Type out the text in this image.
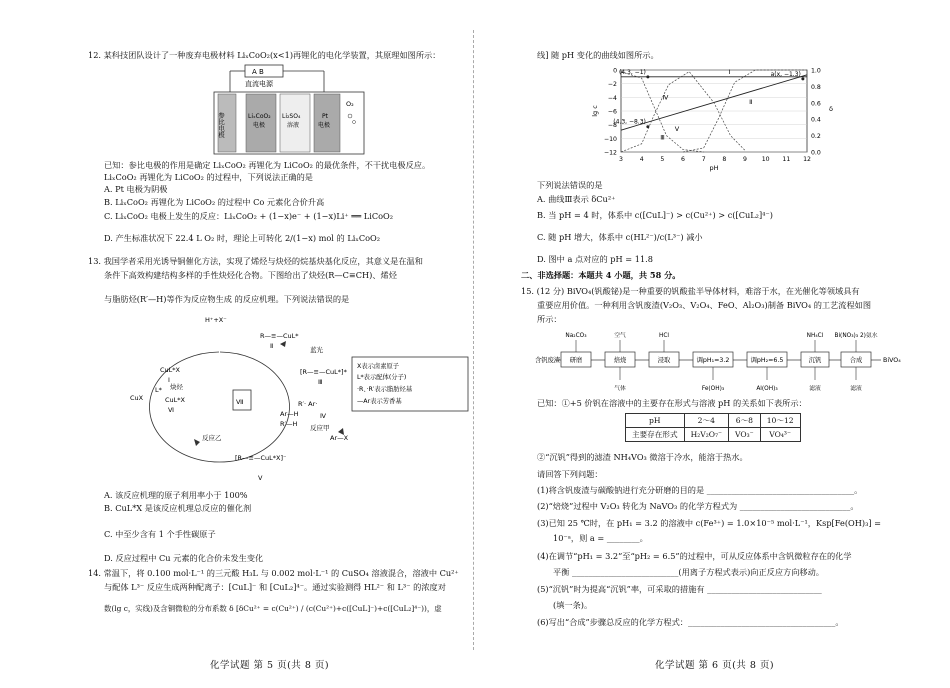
12. 某科技团队设计了一种废弃电极材料 LiₓCoO₂(x<1)再锂化的电化学装置，其原理如图所示：
A B
直流电源
参比电极	LiₓCoO₂
电极
Li₂SO₄
溶液
Pt
电极
O₂
已知：参比电极的作用是确定 LiₓCoO₂ 再锂化为 LiCoO₂ 的最优条件，不干扰电极反应。
LiₓCoO₂ 再锂化为 LiCoO₂ 的过程中，下列说法正确的是
A. Pt 电极为阴极
B. LiₓCoO₂ 再锂化为 LiCoO₂ 的过程中 Co 元素化合价升高
C. LiₓCoO₂ 电极上发生的反应：LiₓCoO₂ + (1−x)e⁻ + (1−x)Li⁺ ══ LiCoO₂
D. 产生标准状况下 22.4 L O₂ 时，理论上可转化 2/(1−x) mol 的 LiₓCoO₂
13. 我国学者采用光诱导铜催化方法，实现了烯烃与炔烃的烷基炔基化反应，其意义是在温和
条件下高效构建结构多样的手性炔烃化合物。下图给出了炔烃(R—C≡CH)、烯烃
与脂肪烃(R′—H)等作为反应物生成 的反应机理。下列说法错误的是
H⁺+X⁻
R—≡—CuL*
Ⅱ	蓝光
[R—≡—CuL*]*
Ⅲ
CuL*X
Ⅰ
炔烃
CuX
L*
CuL*X
Ⅵ
Ⅶ	R′· Ar·
Ar—H	Ⅳ
R′—H 反应甲
Ar—X
反应乙
[R—≡—CuL*X]⁻
Ⅴ
X表示卤素原子
L*表示配体(分子)
·R、·R′表示脂肪烃基
—Ar表示芳香基
A. 该反应机理的原子利用率小于 100%
B. CuL*X 是该反应机理总反应的催化剂
C. 中至少含有 1 个手性碳原子
D. 反应过程中 Cu 元素的化合价未发生变化
14. 常温下，将 0.100 mol·L⁻¹ 的三元酸 H₃L 与 0.002 mol·L⁻¹ 的 CuSO₄ 溶液混合，溶液中 Cu²⁺
与配体 L³⁻ 反应生成两种配离子：[CuL]⁻ 和 [CuL₂]⁴⁻。通过实验测得 HL²⁻ 和 L³⁻ 的浓度对
数(lg c，实线)及含铜微粒的分布系数 δ [δCu²⁺ = c(Cu²⁺) / (c(Cu²⁺)+c([CuL]⁻)+c([CuL₂]⁴⁻))，虚
化学试题 第 5 页(共 8 页)
线] 随 pH 变化的曲线如图所示。
0
−2
−4
−6
−8
−10
−12
1.0
0.8
0.6
0.4
0.2
0.0
3	4	5	6	7	8	9 10 11 12
pH
lg c	δ
(4.3, −1)
(4.3, −8.3)
a(x, −1.3)
Ⅰ
Ⅱ
Ⅲ
Ⅳ
Ⅴ
下列说法错误的是
A. 曲线Ⅲ表示 δCu²⁺
B. 当 pH = 4 时，体系中 c([CuL]⁻) > c(Cu²⁺) > c([CuL₂]⁴⁻)
C. 随 pH 增大，体系中 c(HL²⁻)/c(L³⁻) 减小
D. 图中 a 点对应的 pH = 11.8
二、非选择题：本题共 4 小题，共 58 分。
15. (12 分) BiVO₄(钒酸铋)是一种重要的钒酸盐半导体材料，难溶于水，在光催化等领域具有
重要应用价值。一种利用含钒废渣(V₂O₃、V₂O₄、FeO、Al₂O₃)制备 BiVO₄ 的工艺流程如图
所示：
含钒废渣 研磨	焙烧	浸取	调pH₁=3.2	调pH₂=6.5	沉钒	合成	BiVO₄
Na₂CO₃	空气	HCl	NH₄Cl Bi(NO₃)₃ 2)氨水
气体	Fe(OH)₃	Al(OH)₃	滤液	滤液
已知：①+5 价钒在溶液中的主要存在形式与溶液 pH 的关系如下表所示：
pH	2～4	6～8	10～12
主要存在形式	H₂V₂O₇⁻	VO₃⁻	VO₄³⁻
②“沉钒”得到的滤渣 NH₄VO₃ 微溶于冷水，能溶于热水。
请回答下列问题：
(1)将含钒废渣与碳酸钠进行充分研磨的目的是 ____________________________________。
(2)“焙烧”过程中 V₂O₃ 转化为 NaVO₃ 的化学方程式为 ___________________________。
(3)已知 25 ℃时，在 pH₁ = 3.2 的溶液中 c(Fe³⁺) = 1.0×10⁻⁵ mol·L⁻¹，Ksp[Fe(OH)₃] =
10⁻ᵃ，则 a = ________。
(4)在调节“pH₁ = 3.2”至“pH₂ = 6.5”的过程中，可从反应体系中含钒微粒存在的化学
平衡 __________________________(用离子方程式表示)向正反应方向移动。
(5)“沉钒”时为提高“沉钒”率，可采取的措施有 ____________________________
(填一条)。
(6)写出“合成”步骤总反应的化学方程式：____________________________________。
化学试题 第 6 页(共 8 页)
